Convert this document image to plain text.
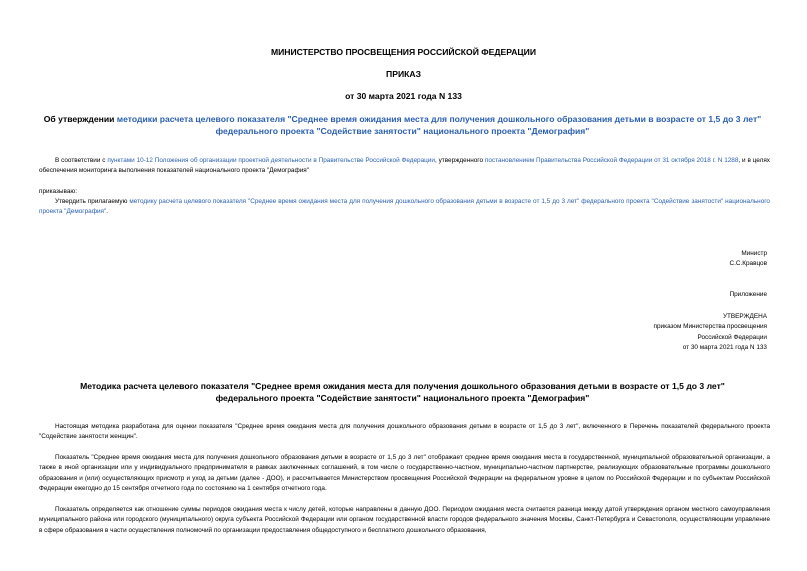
МИНИСТЕРСТВО ПРОСВЕЩЕНИЯ РОССИЙСКОЙ ФЕДЕРАЦИИ
ПРИКАЗ
от 30 марта 2021 года N 133
Об утверждении методики расчета целевого показателя "Среднее время ожидания места для получения дошкольного образования детьми в возрасте от 1,5 до 3 лет" федерального проекта "Содействие занятости" национального проекта "Демография"
В соответствии с пунктами 10-12 Положения об организации проектной деятельности в Правительстве Российской Федерации, утвержденного постановлением Правительства Российской Федерации от 31 октября 2018 г. N 1288, и в целях обеспечения мониторинга выполнения показателей национального проекта "Демография"
приказываю:
Утвердить прилагаемую методику расчета целевого показателя "Среднее время ожидания места для получения дошкольного образования детьми в возрасте от 1,5 до 3 лет" федерального проекта "Содействие занятости" национального проекта "Демография".
Министр
С.С.Кравцов
Приложение
УТВЕРЖДЕНА
приказом Министерства просвещения
Российской Федерации
от 30 марта 2021 года N 133
Методика расчета целевого показателя "Среднее время ожидания места для получения дошкольного образования детьми в возрасте от 1,5 до 3 лет"
федерального проекта "Содействие занятости" национального проекта "Демография"
Настоящая методика разработана для оценки показателя "Среднее время ожидания места для получения дошкольного образования детьми в возрасте от 1,5 до 3 лет", включенного в Перечень показателей федерального проекта "Содействие занятости женщин".
Показатель "Среднее время ожидания места для получения дошкольного образования детьми в возрасте от 1,5 до 3 лет" отображает среднее время ожидания места в государственной, муниципальной образовательной организации, а также в иной организации или у индивидуального предпринимателя в рамках заключенных соглашений, в том числе о государственно-частном, муниципально-частном партнерстве, реализующих образовательные программы дошкольного образования и (или) осуществляющих присмотр и уход за детьми (далее - ДОО), и рассчитывается Министерством просвещения Российской Федерации на федеральном уровне в целом по Российской Федерации и по субъектам Российской Федерации ежегодно до 15 сентября отчетного года по состоянию на 1 сентября отчетного года.
Показатель определяется как отношение суммы периодов ожидания места к числу детей, которые направлены в данную ДОО. Периодом ожидания места считается разница между датой утверждения органом местного самоуправления муниципального района или городского (муниципального) округа субъекта Российской Федерации или органом государственной власти городов федерального значения Москвы, Санкт-Петербурга и Севастополя, осуществляющим управление в сфере образования в части осуществления полномочий по организации предоставления общедоступного и бесплатного дошкольного образования,
